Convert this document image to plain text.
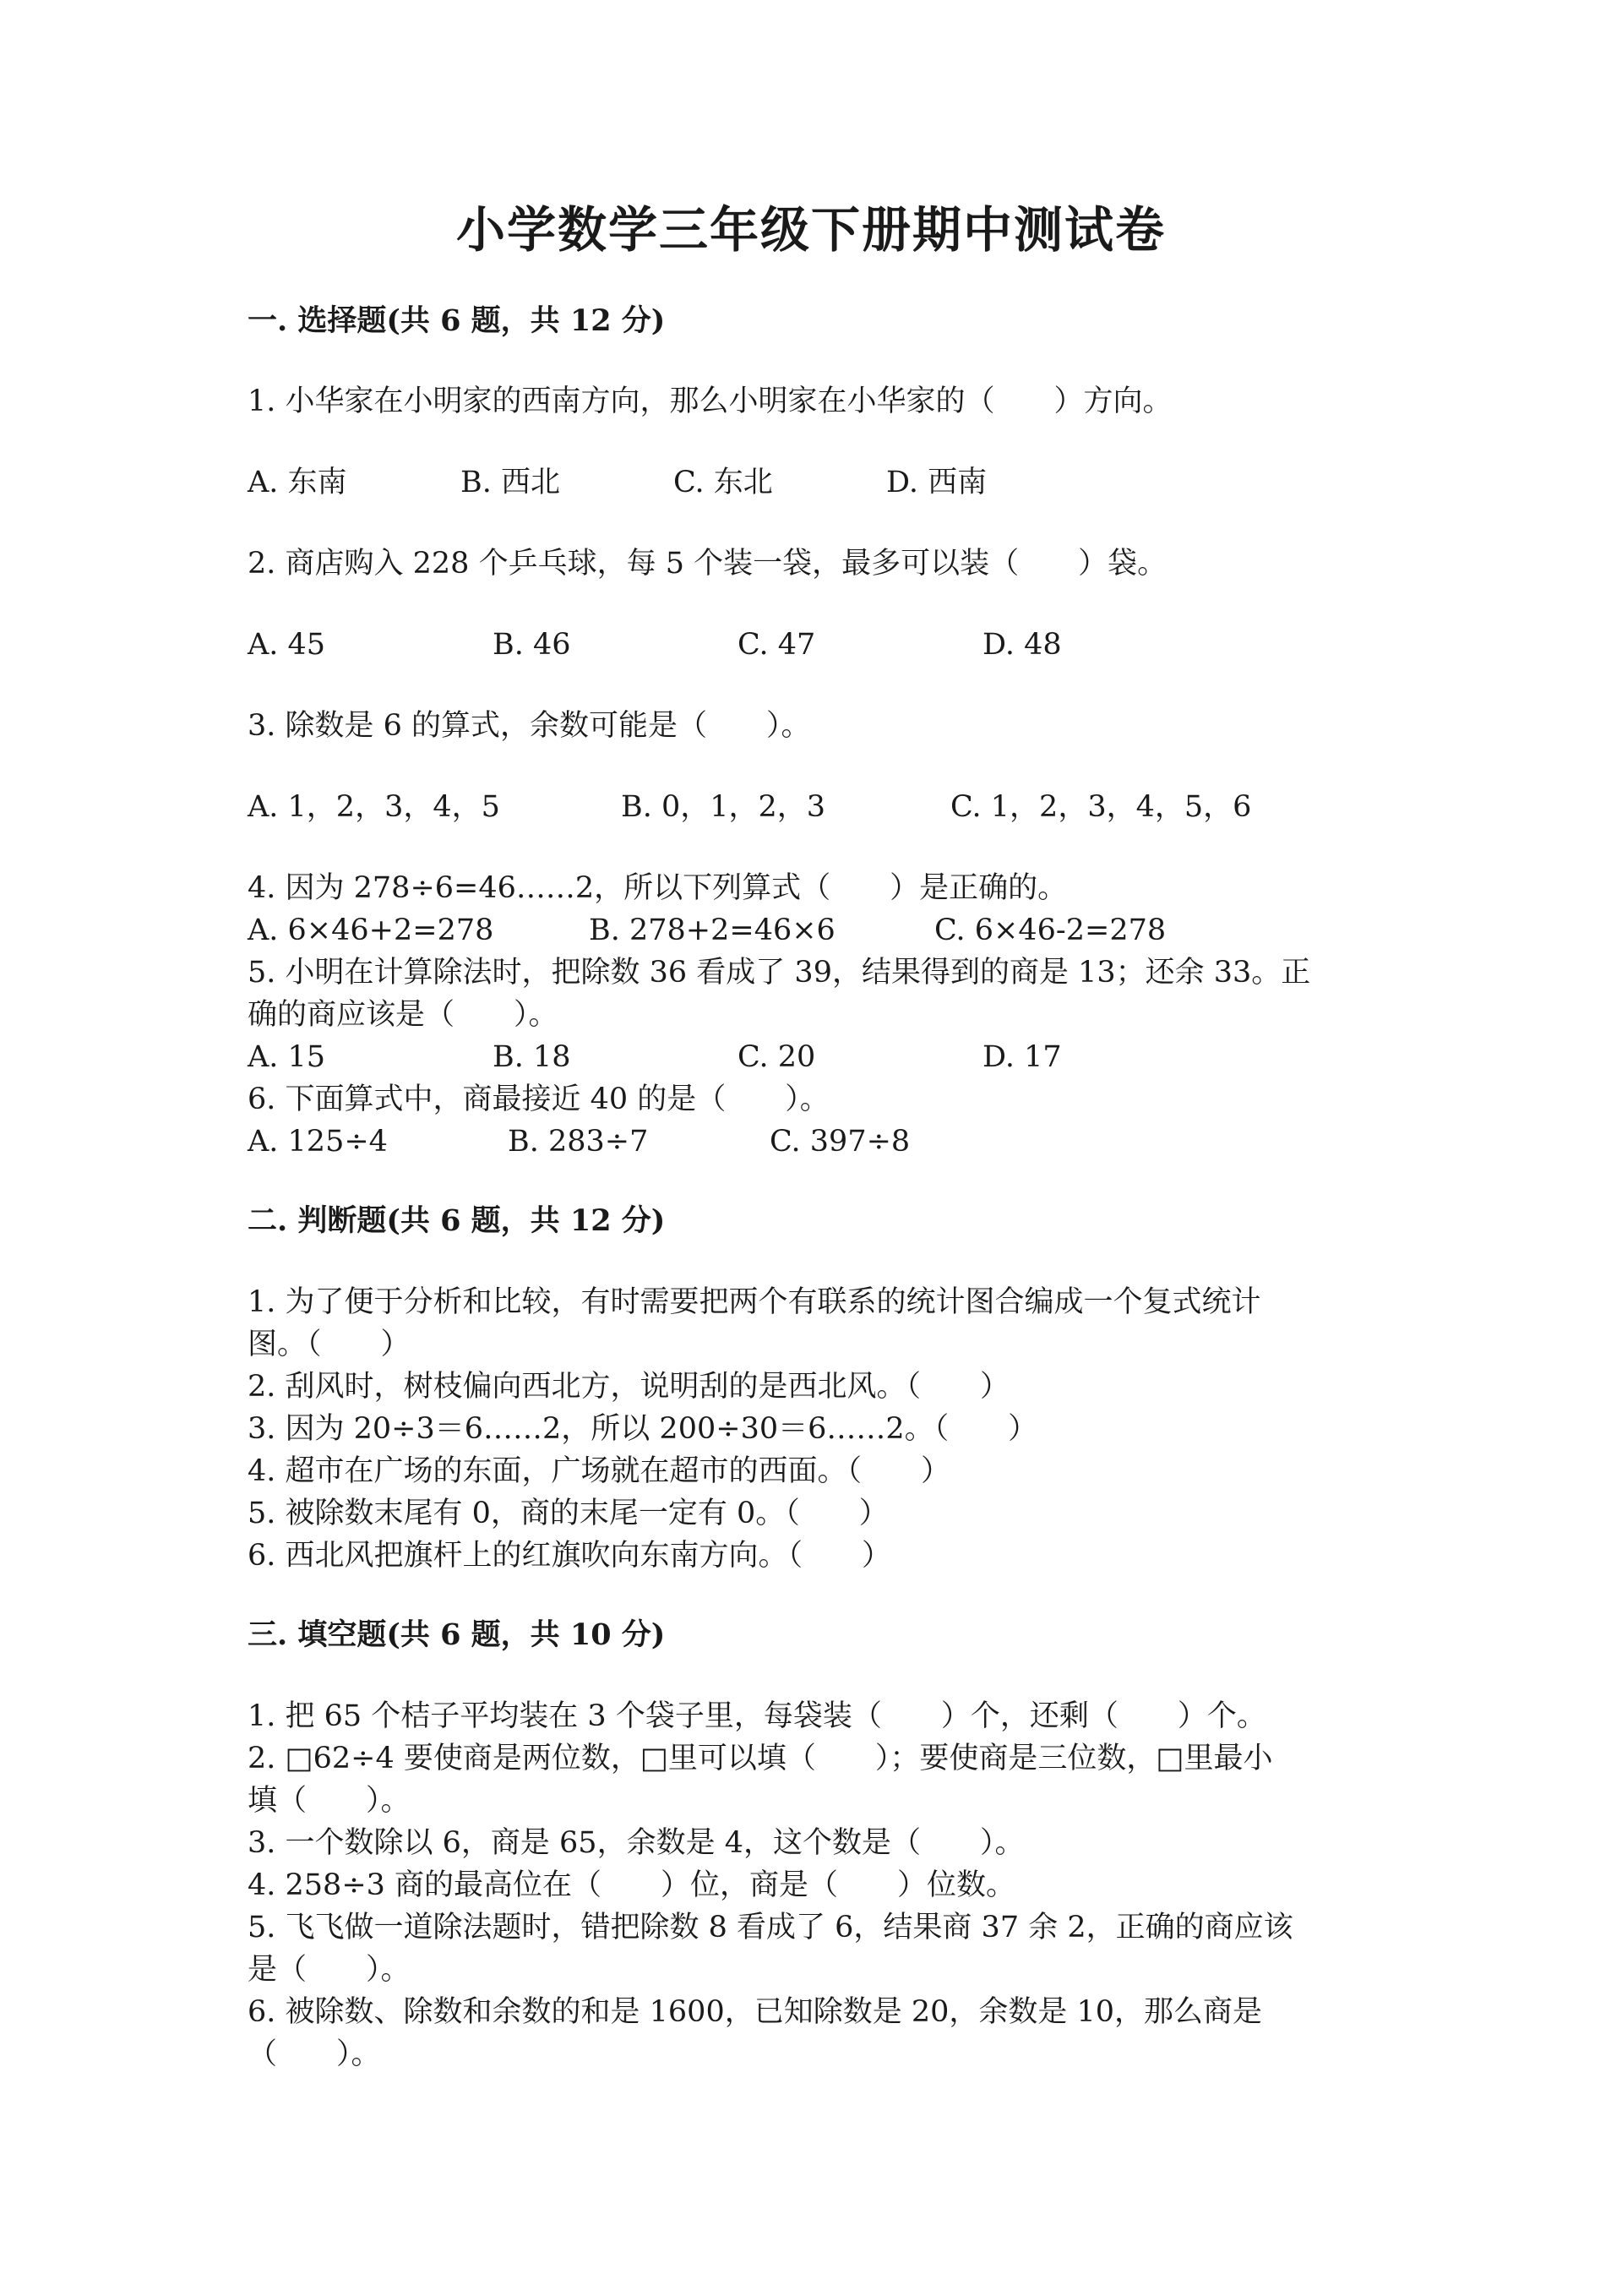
小学数学三年级下册期中测试卷
一. 选择题(共 6 题，共 12 分)
1. 小华家在小明家的西南方向，那么小明家在小华家的（　　）方向。
A. 东南	B. 西北	C. 东北	D. 西南
2. 商店购入 228 个乒乓球，每 5 个装一袋，最多可以装（　　）袋。
A. 45	B. 46	C. 47	D. 48
3. 除数是 6 的算式，余数可能是（　　）。
A. 1，2，3，4，5	B. 0，1，2，3	C. 1，2，3，4，5，6
4. 因为 278÷6=46……2，所以下列算式（　　）是正确的。
A. 6×46+2=278	B. 278+2=46×6	C. 6×46-2=278
5. 小明在计算除法时，把除数 36 看成了 39，结果得到的商是 13；还余 33。正
确的商应该是（　　）。
A. 15	B. 18	C. 20	D. 17
6. 下面算式中，商最接近 40 的是（　　）。
A. 125÷4	B. 283÷7	C. 397÷8
二. 判断题(共 6 题，共 12 分)
1. 为了便于分析和比较，有时需要把两个有联系的统计图合编成一个复式统计
图。（　　）
2. 刮风时，树枝偏向西北方，说明刮的是西北风。（　　）
3. 因为 20÷3＝6……2，所以 200÷30＝6……2。（　　）
4. 超市在广场的东面，广场就在超市的西面。（　　）
5. 被除数末尾有 0，商的末尾一定有 0。（　　）
6. 西北风把旗杆上的红旗吹向东南方向。（　　）
三. 填空题(共 6 题，共 10 分)
1. 把 65 个桔子平均装在 3 个袋子里，每袋装（　　）个，还剩（　　）个。
2. □62÷4 要使商是两位数，□里可以填（　　）；要使商是三位数，□里最小
填（　　）。
3. 一个数除以 6，商是 65，余数是 4，这个数是（　　）。
4. 258÷3 商的最高位在（　　）位，商是（　　）位数。
5. 飞飞做一道除法题时，错把除数 8 看成了 6，结果商 37 余 2，正确的商应该
是（　　）。
6. 被除数、除数和余数的和是 1600，已知除数是 20，余数是 10，那么商是
（　　）。
